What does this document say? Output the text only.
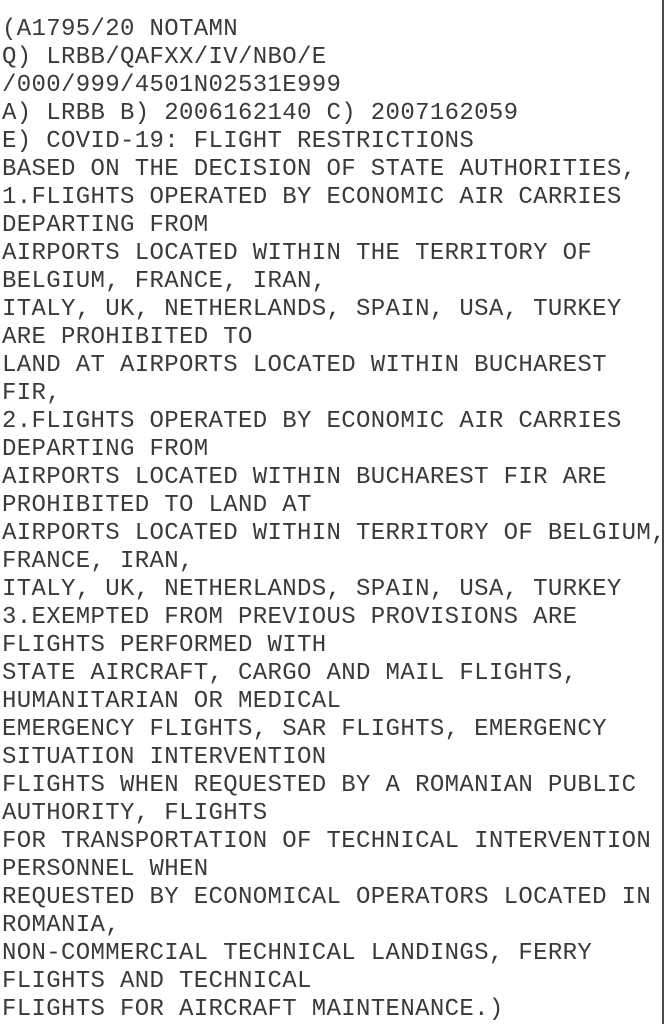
(A1795/20 NOTAMN
Q) LRBB/QAFXX/IV/NBO/E
/000/999/4501N02531E999
A) LRBB B) 2006162140 C) 2007162059
E) COVID-19: FLIGHT RESTRICTIONS
BASED ON THE DECISION OF STATE AUTHORITIES,
1.FLIGHTS OPERATED BY ECONOMIC AIR CARRIES
DEPARTING FROM
AIRPORTS LOCATED WITHIN THE TERRITORY OF
BELGIUM, FRANCE, IRAN,
ITALY, UK, NETHERLANDS, SPAIN, USA, TURKEY
ARE PROHIBITED TO
LAND AT AIRPORTS LOCATED WITHIN BUCHAREST
FIR,
2.FLIGHTS OPERATED BY ECONOMIC AIR CARRIES
DEPARTING FROM
AIRPORTS LOCATED WITHIN BUCHAREST FIR ARE
PROHIBITED TO LAND AT
AIRPORTS LOCATED WITHIN TERRITORY OF BELGIUM,
FRANCE, IRAN,
ITALY, UK, NETHERLANDS, SPAIN, USA, TURKEY
3.EXEMPTED FROM PREVIOUS PROVISIONS ARE
FLIGHTS PERFORMED WITH
STATE AIRCRAFT, CARGO AND MAIL FLIGHTS,
HUMANITARIAN OR MEDICAL
EMERGENCY FLIGHTS, SAR FLIGHTS, EMERGENCY
SITUATION INTERVENTION
FLIGHTS WHEN REQUESTED BY A ROMANIAN PUBLIC
AUTHORITY, FLIGHTS
FOR TRANSPORTATION OF TECHNICAL INTERVENTION
PERSONNEL WHEN
REQUESTED BY ECONOMICAL OPERATORS LOCATED IN
ROMANIA,
NON-COMMERCIAL TECHNICAL LANDINGS, FERRY
FLIGHTS AND TECHNICAL
FLIGHTS FOR AIRCRAFT MAINTENANCE.)
